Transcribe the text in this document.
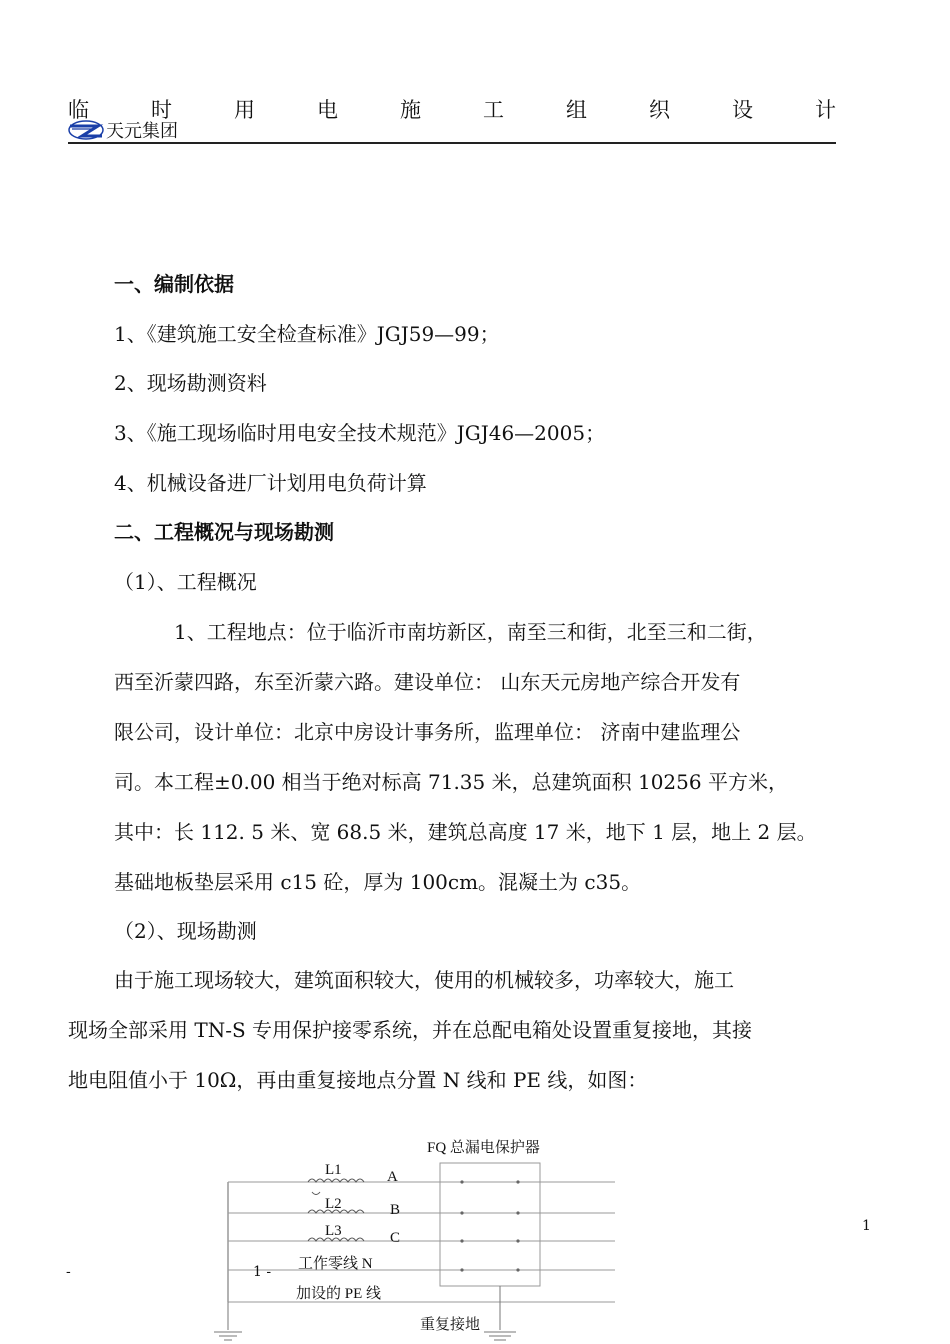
临	时	用	电	施	工	组	织	设	计
天元集团
一、编制依据
1、《建筑施工安全检查标准》JGJ59—99；
2、现场勘测资料
3、《施工现场临时用电安全技术规范》JGJ46—2005；
4、机械设备进厂计划用电负荷计算
二、工程概况与现场勘测
（1）、工程概况
1、工程地点：位于临沂市南坊新区，南至三和街，北至三和二街，
西至沂蒙四路，东至沂蒙六路。建设单位： 山东天元房地产综合开发有
限公司，设计单位：北京中房设计事务所，监理单位： 济南中建监理公
司。本工程±0.00 相当于绝对标高 71.35 米，总建筑面积 10256 平方米，
其中：长 112. 5 米、宽 68.5 米，建筑总高度 17 米，地下 1 层，地上 2 层。
基础地板垫层采用 c15 砼，厚为 100cm。混凝土为 c35。
（2）、现场勘测
由于施工现场较大，建筑面积较大，使用的机械较多，功率较大，施工
现场全部采用 TN-S 专用保护接零系统，并在总配电箱处设置重复接地，其接
地电阻值小于 10Ω，再由重复接地点分置 N 线和 PE 线，如图：
FQ 总漏电保护器
L1
L2
L3
A
B
C
工作零线 N
加设的 PE 线
重复接地
1
-	1 -
